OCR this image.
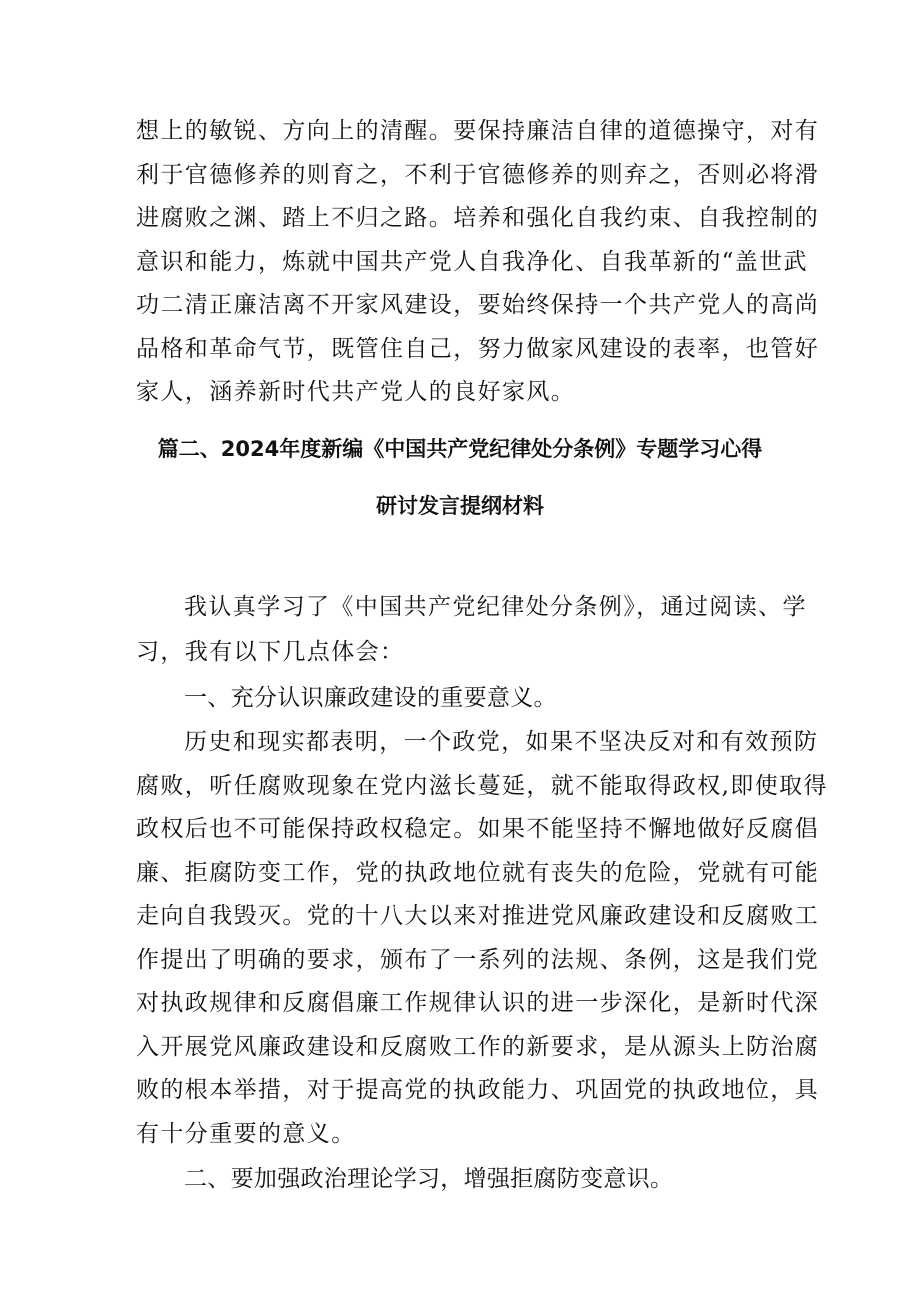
想上的敏锐、方向上的清醒。要保持廉洁自律的道德操守，对有
利于官德修养的则育之，不利于官德修养的则弃之，否则必将滑
进腐败之渊、踏上不归之路。培养和强化自我约束、自我控制的
意识和能力，炼就中国共产党人自我净化、自我革新的“盖世武
功二清正廉洁离不开家风建设，要始终保持一个共产党人的高尚
品格和革命气节，既管住自己，努力做家风建设的表率，也管好
家人，涵养新时代共产党人的良好家风。
篇二、2024年度新编《中国共产党纪律处分条例》专题学习心得
研讨发言提纲材料
我认真学习了《中国共产党纪律处分条例》，通过阅读、学
习，我有以下几点体会：
一、充分认识廉政建设的重要意义。
历史和现实都表明，一个政党，如果不坚决反对和有效预防
腐败，听任腐败现象在党内滋长蔓延，就不能取得政权,即使取得
政权后也不可能保持政权稳定。如果不能坚持不懈地做好反腐倡
廉、拒腐防变工作，党的执政地位就有丧失的危险，党就有可能
走向自我毁灭。党的十八大以来对推进党风廉政建设和反腐败工
作提出了明确的要求，颁布了一系列的法规、条例，这是我们党
对执政规律和反腐倡廉工作规律认识的进一步深化，是新时代深
入开展党风廉政建设和反腐败工作的新要求，是从源头上防治腐
败的根本举措，对于提高党的执政能力、巩固党的执政地位，具
有十分重要的意义。
二、要加强政治理论学习，增强拒腐防变意识。
